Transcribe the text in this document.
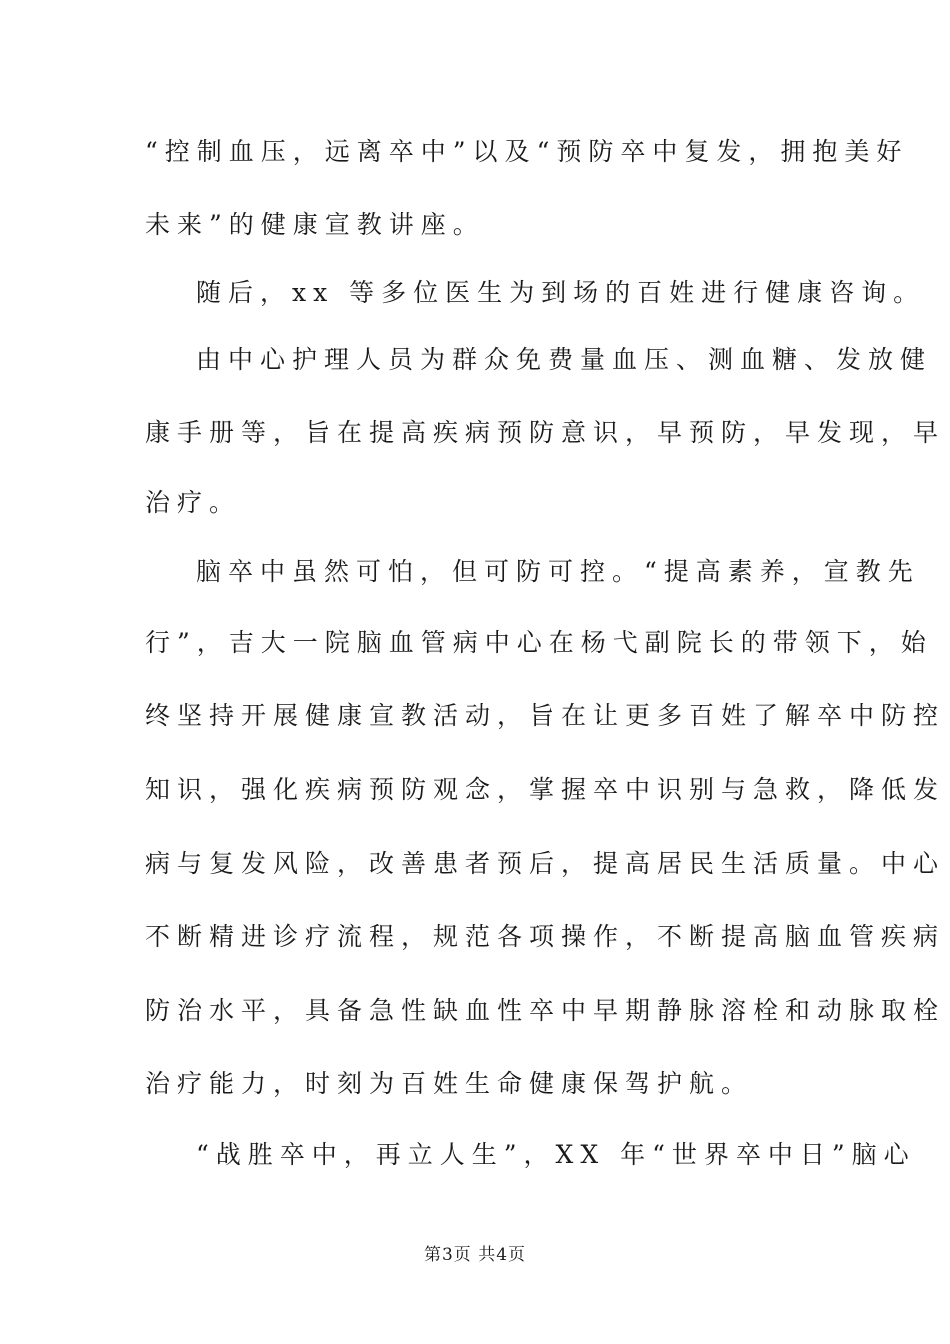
“控制血压，远离卒中”以及“预防卒中复发，拥抱美好
未来”的健康宣教讲座。
随后，xx 等多位医生为到场的百姓进行健康咨询。
由中心护理人员为群众免费量血压、测血糖、发放健
康手册等，旨在提高疾病预防意识，早预防，早发现，早
治疗。
脑卒中虽然可怕，但可防可控。“提高素养，宣教先
行”，吉大一院脑血管病中心在杨弋副院长的带领下，始
终坚持开展健康宣教活动，旨在让更多百姓了解卒中防控
知识，强化疾病预防观念，掌握卒中识别与急救，降低发
病与复发风险，改善患者预后，提高居民生活质量。中心
不断精进诊疗流程，规范各项操作，不断提高脑血管疾病
防治水平，具备急性缺血性卒中早期静脉溶栓和动脉取栓
治疗能力，时刻为百姓生命健康保驾护航。
“战胜卒中，再立人生”，XX 年“世界卒中日”脑心
第3页 共4页
